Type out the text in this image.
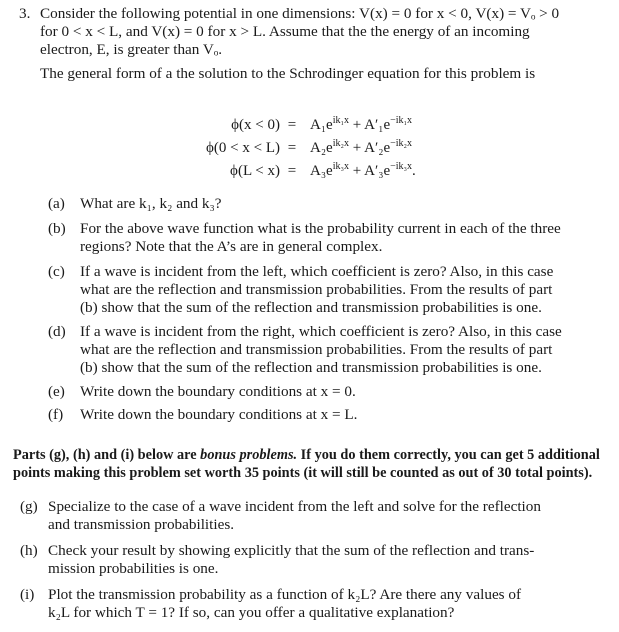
3. Consider the following potential in one dimensions: V(x) = 0 for x < 0, V(x) = Vₒ > 0
for 0 < x < L, and V(x) = 0 for x > L. Assume that the the energy of an incoming
electron, E, is greater than Vₒ.
The general form of a the solution to the Schrodinger equation for this problem is
$\phi(x < 0) = A_1e^{ik_1x} + A'_1e^{-ik_1x}$
$\phi(0 < x < L) = A_2e^{ik_2x} + A'_2e^{-ik_2x}$
$\phi(L < x) = A_3e^{ik_3x} + A'_3e^{-ik_3x}$.
(a) What are k₁, k₂ and k₃?
(b) For the above wave function what is the probability current in each of the three
regions? Note that the A’s are in general complex.
(c) If a wave is incident from the left, which coefficient is zero? Also, in this case
what are the reflection and transmission probabilities. From the results of part
(b) show that the sum of the reflection and transmission probabilities is one.
(d) If a wave is incident from the right, which coefficient is zero? Also, in this case
what are the reflection and transmission probabilities. From the results of part
(b) show that the sum of the reflection and transmission probabilities is one.
(e) Write down the boundary conditions at x = 0.
(f) Write down the boundary conditions at x = L.
Parts (g), (h) and (i) below are bonus problems. If you do them correctly, you can get 5 additional
points making this problem set worth 35 points (it will still be counted as out of 30 total points).
(g) Specialize to the case of a wave incident from the left and solve for the reflection
and transmission probabilities.
(h) Check your result by showing explicitly that the sum of the reflection and trans-
mission probabilities is one.
(i) Plot the transmission probability as a function of k₂L? Are there any values of
k₂L for which T = 1? If so, can you offer a qualitative explanation?
